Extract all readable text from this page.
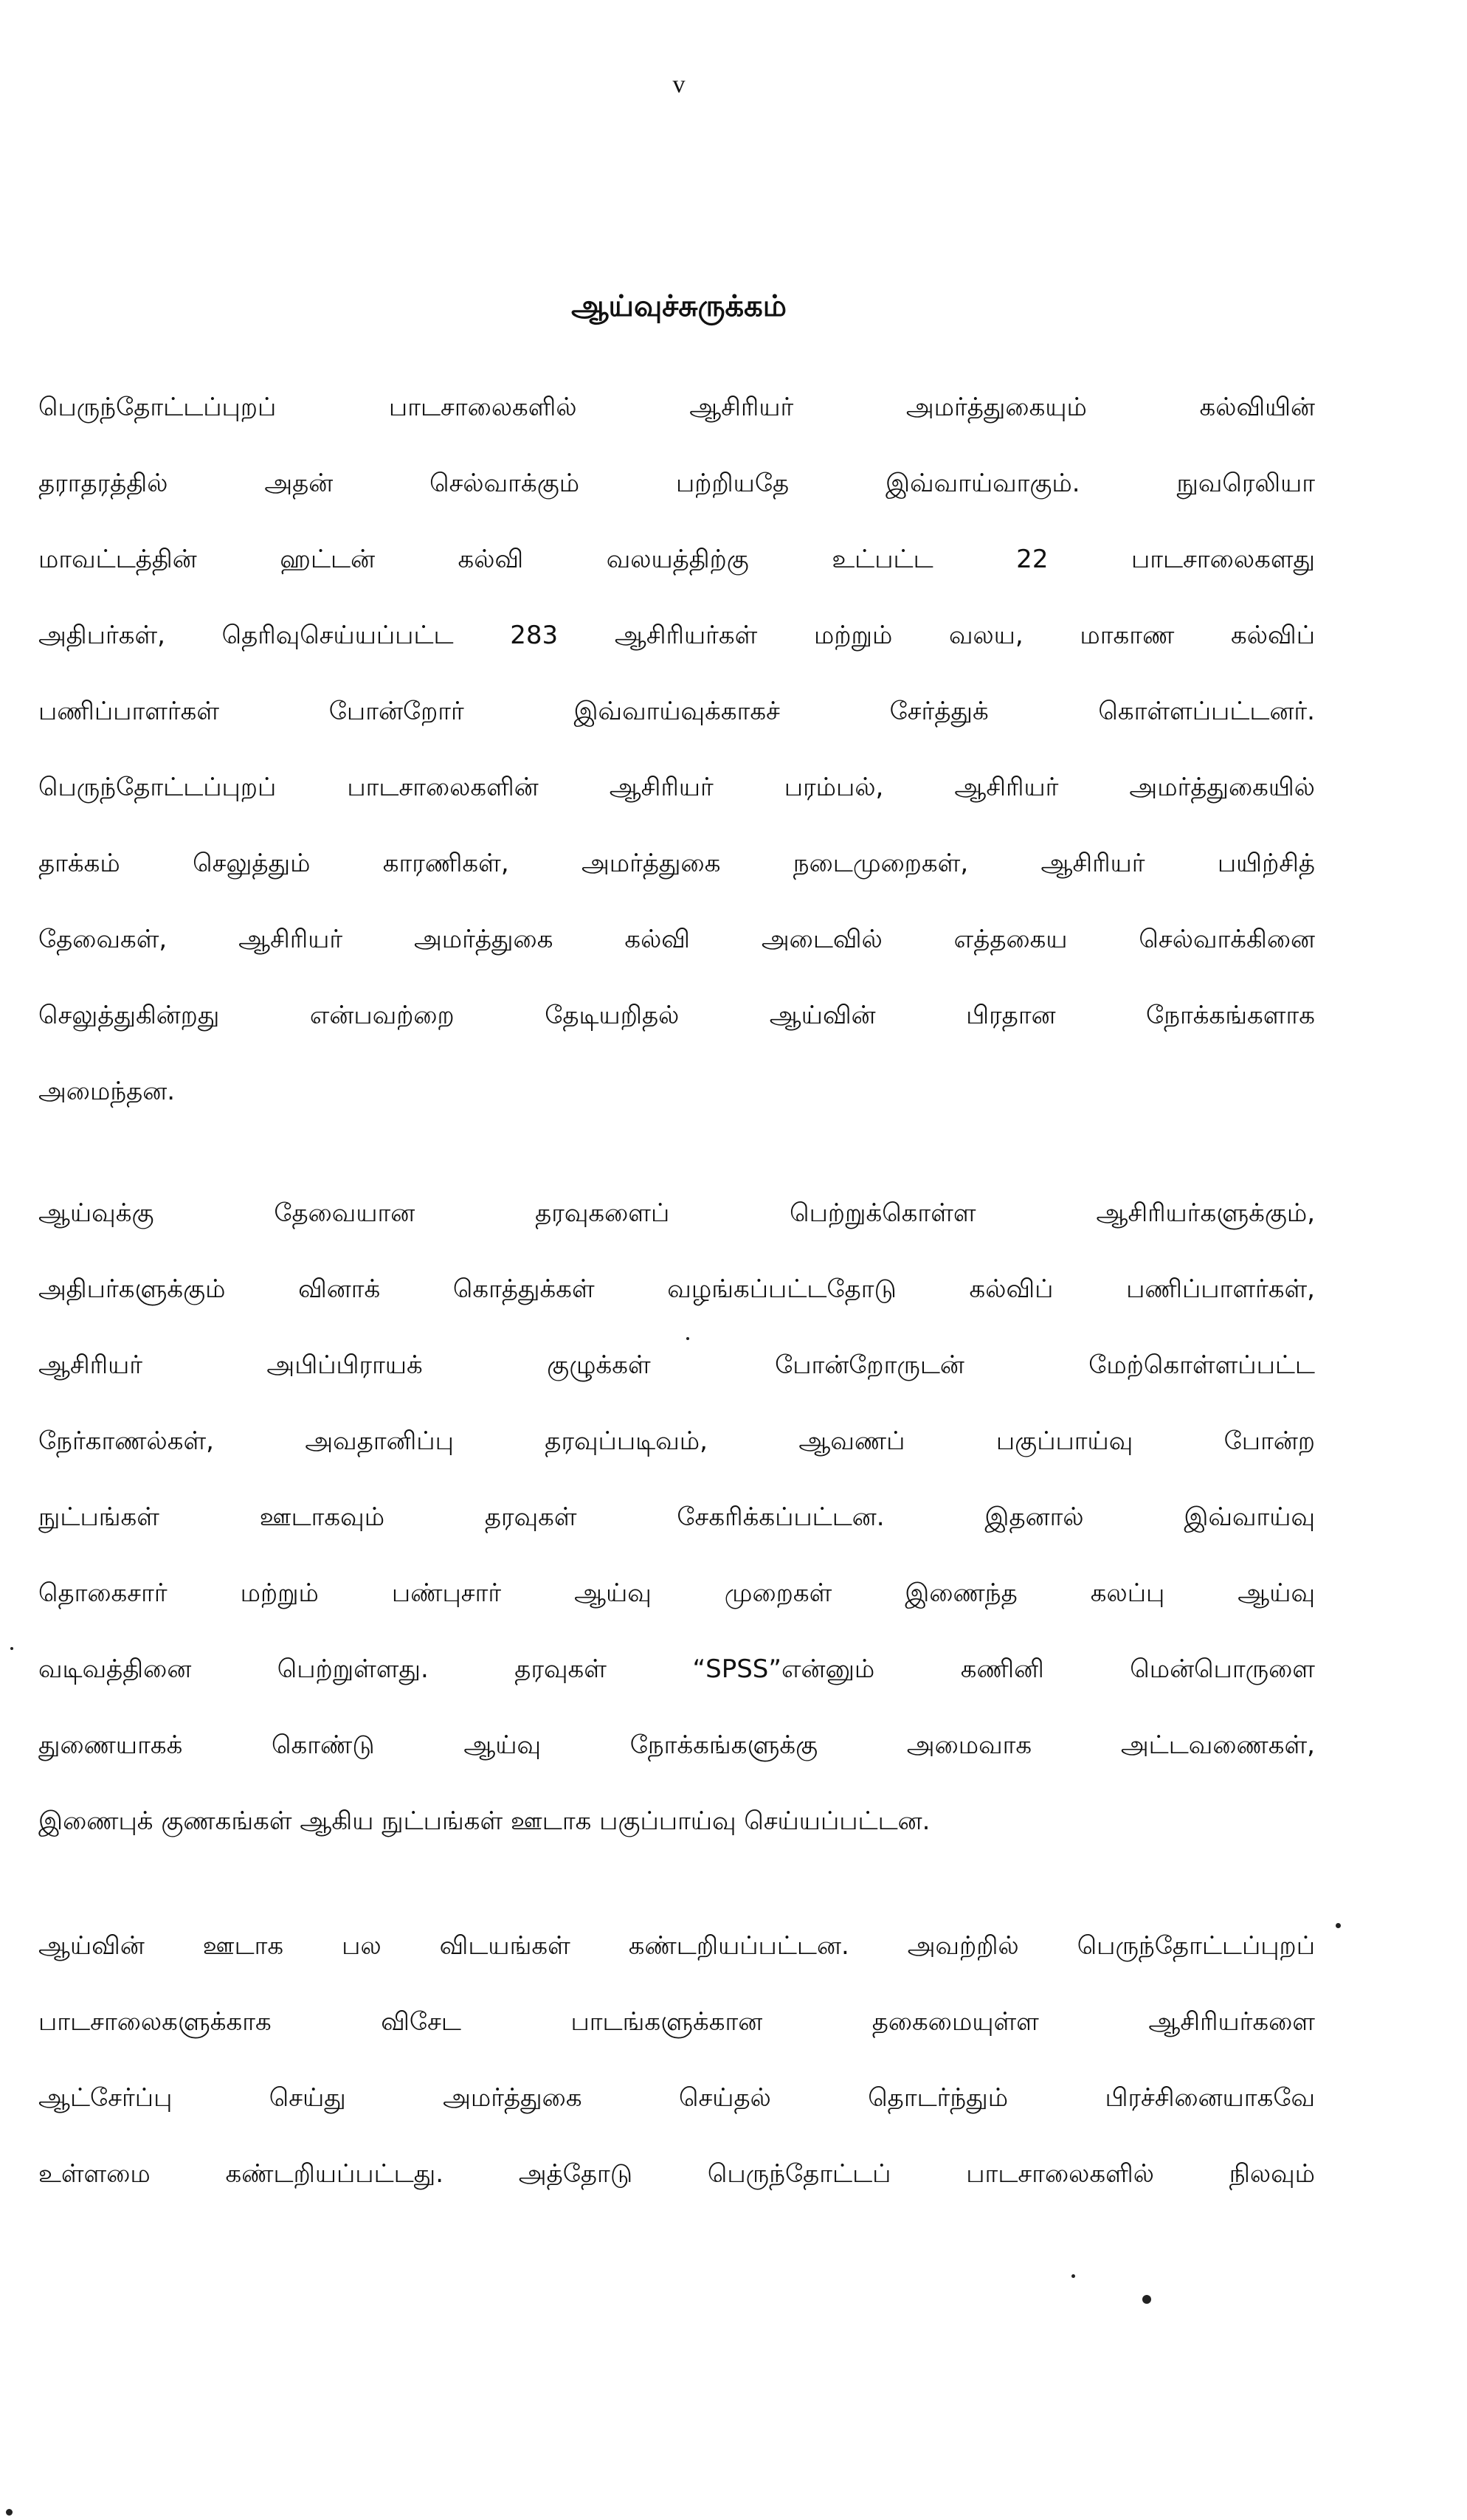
v
ஆய்வுச்சுருக்கம்
பெருந்தோட்டப்புறப் பாடசாலைகளில் ஆசிரியர் அமர்த்துகையும் கல்வியின்
தராதரத்தில் அதன் செல்வாக்கும் பற்றியதே இவ்வாய்வாகும். நுவரெலியா
மாவட்டத்தின் ஹட்டன் கல்வி வலயத்திற்கு உட்பட்ட 22 பாடசாலைகளது
அதிபர்கள், தெரிவுசெய்யப்பட்ட 283 ஆசிரியர்கள் மற்றும் வலய, மாகாண கல்விப்
பணிப்பாளர்கள் போன்றோர் இவ்வாய்வுக்காகச் சேர்த்துக் கொள்ளப்பட்டனர்.
பெருந்தோட்டப்புறப் பாடசாலைகளின் ஆசிரியர் பரம்பல், ஆசிரியர் அமர்த்துகையில்
தாக்கம் செலுத்தும் காரணிகள், அமர்த்துகை நடைமுறைகள், ஆசிரியர் பயிற்சித்
தேவைகள், ஆசிரியர் அமர்த்துகை கல்வி அடைவில் எத்தகைய செல்வாக்கினை
செலுத்துகின்றது என்பவற்றை தேடியறிதல் ஆய்வின் பிரதான நோக்கங்களாக
அமைந்தன.
ஆய்வுக்கு தேவையான தரவுகளைப் பெற்றுக்கொள்ள ஆசிரியர்களுக்கும்,
அதிபர்களுக்கும் வினாக் கொத்துக்கள் வழங்கப்பட்டதோடு கல்விப் பணிப்பாளர்கள்,
ஆசிரியர் அபிப்பிராயக் குழுக்கள் போன்றோருடன் மேற்கொள்ளப்பட்ட
நேர்காணல்கள், அவதானிப்பு தரவுப்படிவம், ஆவணப் பகுப்பாய்வு போன்ற
நுட்பங்கள் ஊடாகவும் தரவுகள் சேகரிக்கப்பட்டன. இதனால் இவ்வாய்வு
தொகைசார் மற்றும் பண்புசார் ஆய்வு முறைகள் இணைந்த கலப்பு ஆய்வு
வடிவத்தினை பெற்றுள்ளது. தரவுகள் “SPSS”என்னும் கணினி மென்பொருளை
துணையாகக் கொண்டு ஆய்வு நோக்கங்களுக்கு அமைவாக அட்டவணைகள்,
இணைபுக் குணகங்கள் ஆகிய நுட்பங்கள் ஊடாக பகுப்பாய்வு செய்யப்பட்டன.
ஆய்வின் ஊடாக பல விடயங்கள் கண்டறியப்பட்டன. அவற்றில் பெருந்தோட்டப்புறப்
பாடசாலைகளுக்காக விசேட பாடங்களுக்கான தகைமையுள்ள ஆசிரியர்களை
ஆட்சேர்ப்பு செய்து அமர்த்துகை செய்தல் தொடர்ந்தும் பிரச்சினையாகவே
உள்ளமை கண்டறியப்பட்டது. அத்தோடு பெருந்தோட்டப் பாடசாலைகளில் நிலவும்
